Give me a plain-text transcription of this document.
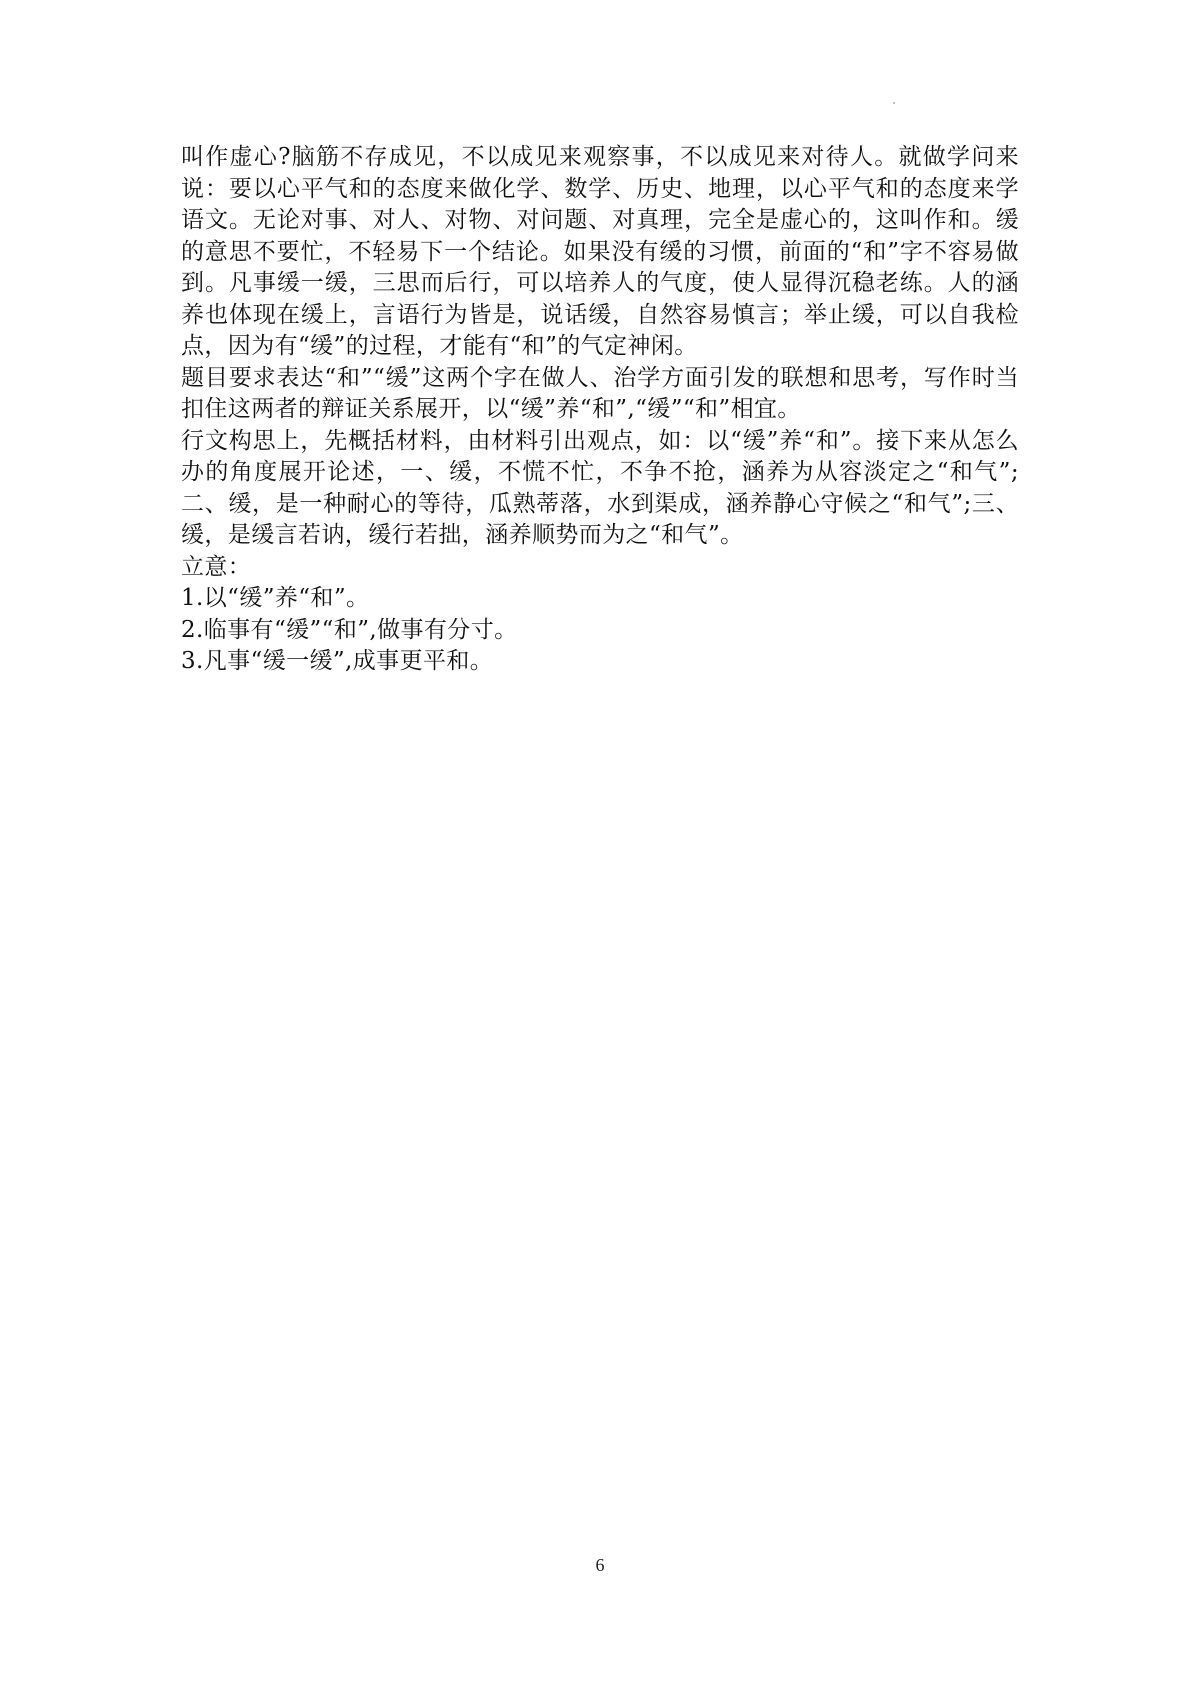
叫作虚心?脑筋不存成见，不以成见来观察事，不以成见来对待人。就做学问来说：要以心平气和的态度来做化学、数学、历史、地理，以心平气和的态度来学语文。无论对事、对人、对物、对问题、对真理，完全是虚心的，这叫作和。缓的意思不要忙，不轻易下一个结论。如果没有缓的习惯，前面的“和”字不容易做到。凡事缓一缓，三思而后行，可以培养人的气度，使人显得沉稳老练。人的涵养也体现在缓上，言语行为皆是，说话缓，自然容易慎言；举止缓，可以自我检点，因为有“缓”的过程，才能有“和”的气定神闲。

题目要求表达“和”“缓”这两个字在做人、治学方面引发的联想和思考，写作时当扣住这两者的辩证关系展开，以“缓”养“和”,“缓”“和”相宜。

行文构思上，先概括材料，由材料引出观点，如：以“缓”养“和”。接下来从怎么办的角度展开论述，一、缓，不慌不忙，不争不抢，涵养为从容淡定之“和气”;二、缓，是一种耐心的等待，瓜熟蒂落，水到渠成，涵养静心守候之“和气”;三、缓，是缓言若讷，缓行若拙，涵养顺势而为之“和气”。

立意：

1.以“缓”养“和”。

2.临事有“缓”“和”,做事有分寸。

3.凡事“缓一缓”,成事更平和。

6
